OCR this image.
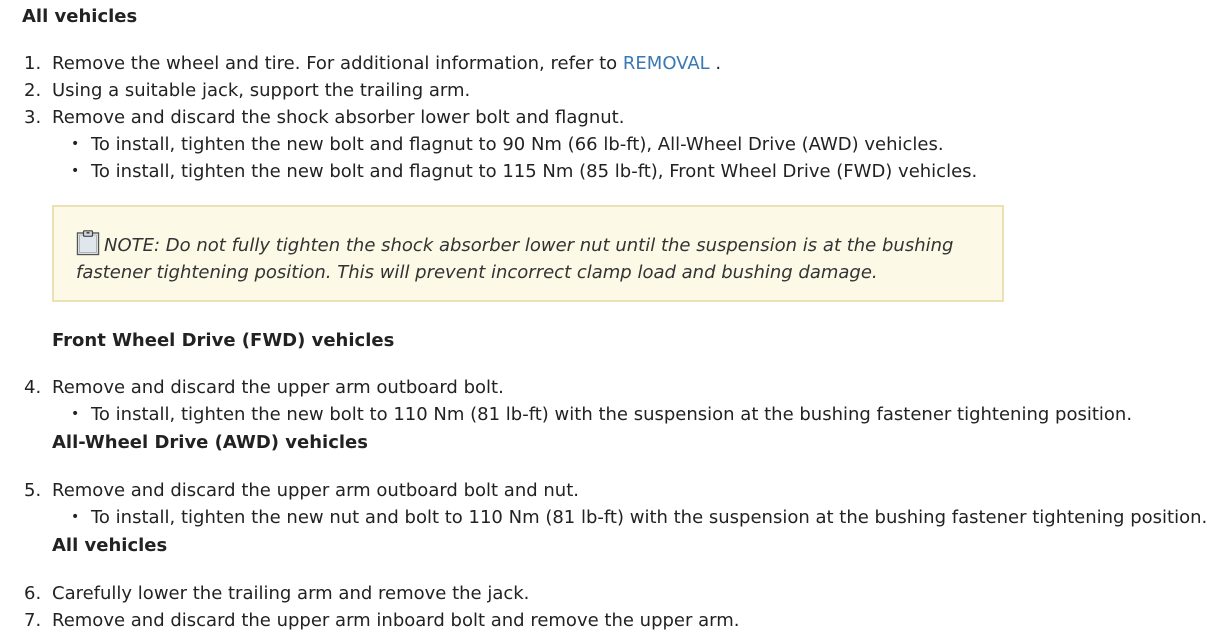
All vehicles
1. Remove the wheel and tire. For additional information, refer to REMOVAL .
2. Using a suitable jack, support the trailing arm.
3. Remove and discard the shock absorber lower bolt and flagnut.
• To install, tighten the new bolt and flagnut to 90 Nm (66 lb-ft), All-Wheel Drive (AWD) vehicles.
• To install, tighten the new bolt and flagnut to 115 Nm (85 lb-ft), Front Wheel Drive (FWD) vehicles.
NOTE: Do not fully tighten the shock absorber lower nut until the suspension is at the bushing
fastener tightening position. This will prevent incorrect clamp load and bushing damage.
Front Wheel Drive (FWD) vehicles
4. Remove and discard the upper arm outboard bolt.
• To install, tighten the new bolt to 110 Nm (81 lb-ft) with the suspension at the bushing fastener tightening position.
All-Wheel Drive (AWD) vehicles
5. Remove and discard the upper arm outboard bolt and nut.
• To install, tighten the new nut and bolt to 110 Nm (81 lb-ft) with the suspension at the bushing fastener tightening position.
All vehicles
6. Carefully lower the trailing arm and remove the jack.
7. Remove and discard the upper arm inboard bolt and remove the upper arm.
